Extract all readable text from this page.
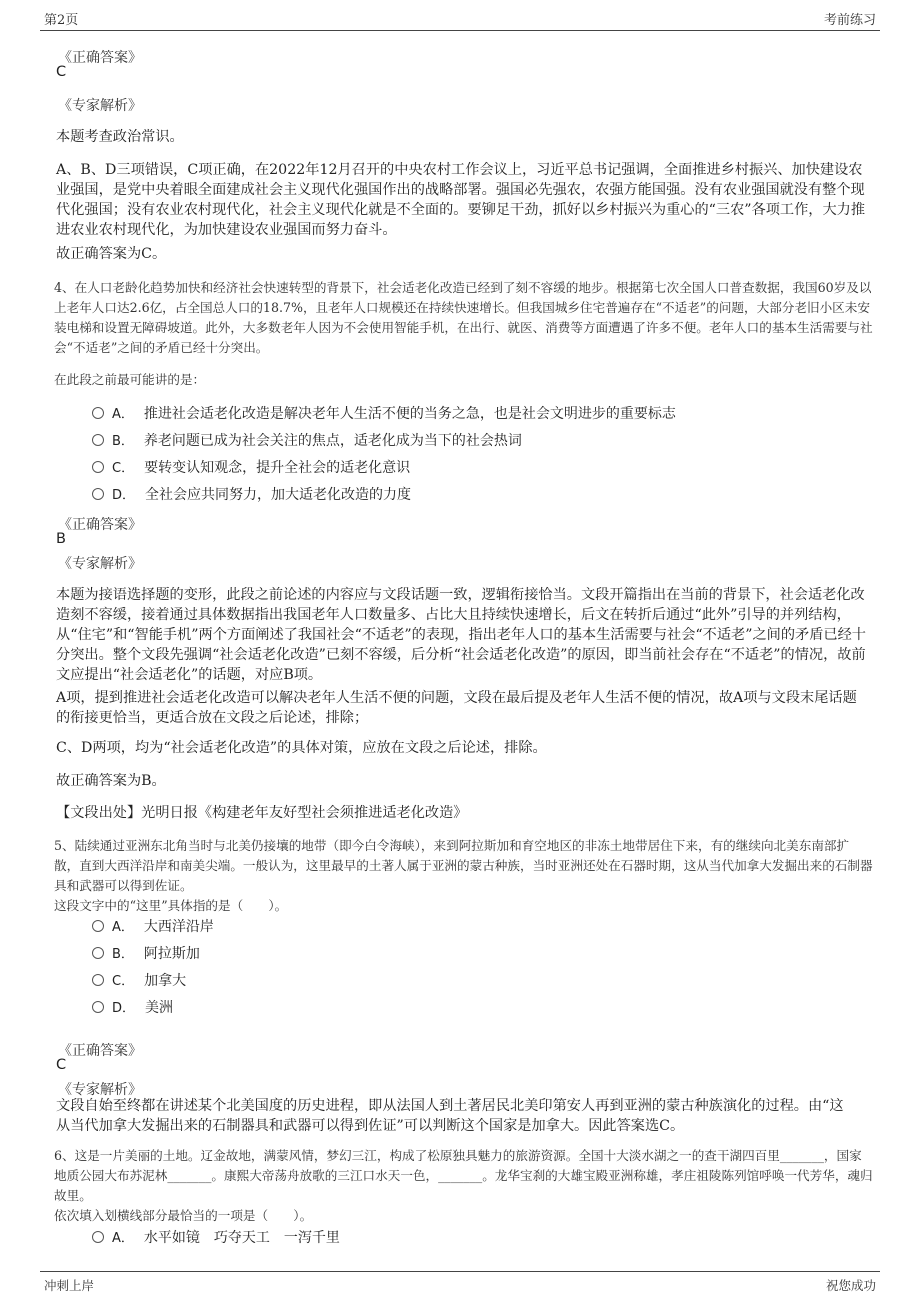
第2页	考前练习
《正确答案》
C
《专家解析》
本题考查政治常识。
A、B、D三项错误，C项正确，在2022年12月召开的中央农村工作会议上，习近平总书记强调，全面推进乡村振兴、加快建设农业强国，是党中央着眼全面建成社会主义现代化强国作出的战略部署。强国必先强农，农强方能国强。没有农业强国就没有整个现代化强国；没有农业农村现代化，社会主义现代化就是不全面的。要铆足干劲，抓好以乡村振兴为重心的“三农”各项工作，大力推进农业农村现代化，为加快建设农业强国而努力奋斗。
故正确答案为C。
4、在人口老龄化趋势加快和经济社会快速转型的背景下，社会适老化改造已经到了刻不容缓的地步。根据第七次全国人口普查数据，我国60岁及以上老年人口达2.6亿，占全国总人口的18.7%，且老年人口规模还在持续快速增长。但我国城乡住宅普遍存在“不适老”的问题，大部分老旧小区未安装电梯和设置无障碍坡道。此外，大多数老年人因为不会使用智能手机，在出行、就医、消费等方面遭遇了许多不便。老年人口的基本生活需要与社会“不适老”之间的矛盾已经十分突出。
在此段之前最可能讲的是：
A． 推进社会适老化改造是解决老年人生活不便的当务之急，也是社会文明进步的重要标志
B． 养老问题已成为社会关注的焦点，适老化成为当下的社会热词
C． 要转变认知观念，提升全社会的适老化意识
D． 全社会应共同努力，加大适老化改造的力度
《正确答案》
B
《专家解析》
本题为接语选择题的变形，此段之前论述的内容应与文段话题一致，逻辑衔接恰当。文段开篇指出在当前的背景下，社会适老化改造刻不容缓，接着通过具体数据指出我国老年人口数量多、占比大且持续快速增长，后文在转折后通过“此外”引导的并列结构，从“住宅”和“智能手机”两个方面阐述了我国社会“不适老”的表现，指出老年人口的基本生活需要与社会“不适老”之间的矛盾已经十分突出。整个文段先强调“社会适老化改造”已刻不容缓，后分析“社会适老化改造”的原因，即当前社会存在“不适老”的情况，故前文应提出“社会适老化”的话题，对应B项。
A项，提到推进社会适老化改造可以解决老年人生活不便的问题，文段在最后提及老年人生活不便的情况，故A项与文段末尾话题的衔接更恰当，更适合放在文段之后论述，排除；
C、D两项，均为“社会适老化改造”的具体对策，应放在文段之后论述，排除。
故正确答案为B。
【文段出处】光明日报《构建老年友好型社会须推进适老化改造》
5、陆续通过亚洲东北角当时与北美仍接壤的地带（即今白令海峡），来到阿拉斯加和育空地区的非冻土地带居住下来，有的继续向北美东南部扩散，直到大西洋沿岸和南美尖端。一般认为，这里最早的土著人属于亚洲的蒙古种族，当时亚洲还处在石器时期，这从当代加拿大发掘出来的石制器具和武器可以得到佐证。
这段文字中的“这里”具体指的是（　　）。
A． 大西洋沿岸
B． 阿拉斯加
C． 加拿大
D． 美洲
《正确答案》
C
《专家解析》
文段自始至终都在讲述某个北美国度的历史进程，即从法国人到土著居民北美印第安人再到亚洲的蒙古种族演化的过程。由“这从当代加拿大发掘出来的石制器具和武器可以得到佐证”可以判断这个国家是加拿大。因此答案选C。
6、这是一片美丽的土地。辽金故地，满蒙风情，梦幻三江，构成了松原独具魅力的旅游资源。全国十大淡水湖之一的查干湖四百里_______，国家地质公园大布苏泥林_______。康熙大帝荡舟放歌的三江口水天一色，_______。龙华宝刹的大雄宝殿亚洲称雄，孝庄祖陵陈列馆呼唤一代芳华，魂归故里。
依次填入划横线部分最恰当的一项是（　　）。
A． 水平如镜　巧夺天工　一泻千里
冲刺上岸	祝您成功
